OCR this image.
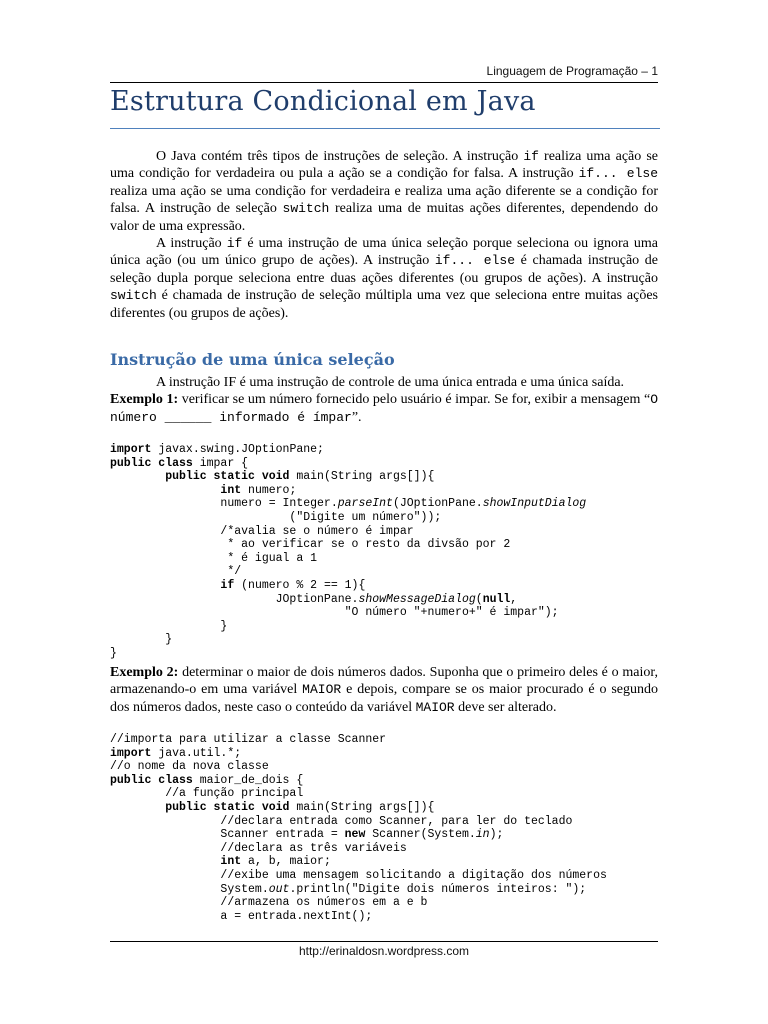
Linguagem de Programação – 1
Estrutura Condicional em Java

O Java contém três tipos de instruções de seleção. A instrução if realiza uma ação se uma condição for verdadeira ou pula a ação se a condição for falsa. A instrução if... else realiza uma ação se uma condição for verdadeira e realiza uma ação diferente se a condição for falsa. A instrução de seleção switch realiza uma de muitas ações diferentes, dependendo do valor de uma expressão.

A instrução if é uma instrução de uma única seleção porque seleciona ou ignora uma única ação (ou um único grupo de ações). A instrução if... else é chamada instrução de seleção dupla porque seleciona entre duas ações diferentes (ou grupos de ações). A instrução switch é chamada de instrução de seleção múltipla uma vez que seleciona entre muitas ações diferentes (ou grupos de ações).

Instrução de uma única seleção

A instrução IF é uma instrução de controle de uma única entrada e uma única saída.

Exemplo 1: verificar se um número fornecido pelo usuário é impar. Se for, exibir a mensagem “O número ______ informado é ímpar”.

import javax.swing.JOptionPane;
public class impar {
public static void main(String args[]){
int numero;
numero = Integer.parseInt(JOptionPane.showInputDialog
("Digite um número"));
/*avalia se o número é impar
* ao verificar se o resto da divsão por 2
* é igual a 1
*/
if (numero % 2 == 1){
JOptionPane.showMessageDialog(null,
"O número "+numero+" é impar");
}
}
}

Exemplo 2: determinar o maior de dois números dados. Suponha que o primeiro deles é o maior, armazenando-o em uma variável MAIOR e depois, compare se os maior procurado é o segundo dos números dados, neste caso o conteúdo da variável MAIOR deve ser alterado.

//importa para utilizar a classe Scanner
import java.util.*;
//o nome da nova classe
public class maior_de_dois {
//a função principal
public static void main(String args[]){
//declara entrada como Scanner, para ler do teclado
Scanner entrada = new Scanner(System.in);
//declara as três variáveis
int a, b, maior;
//exibe uma mensagem solicitando a digitação dos números
System.out.println("Digite dois números inteiros: ");
//armazena os números em a e b
a = entrada.nextInt();
http://erinaldosn.wordpress.com
